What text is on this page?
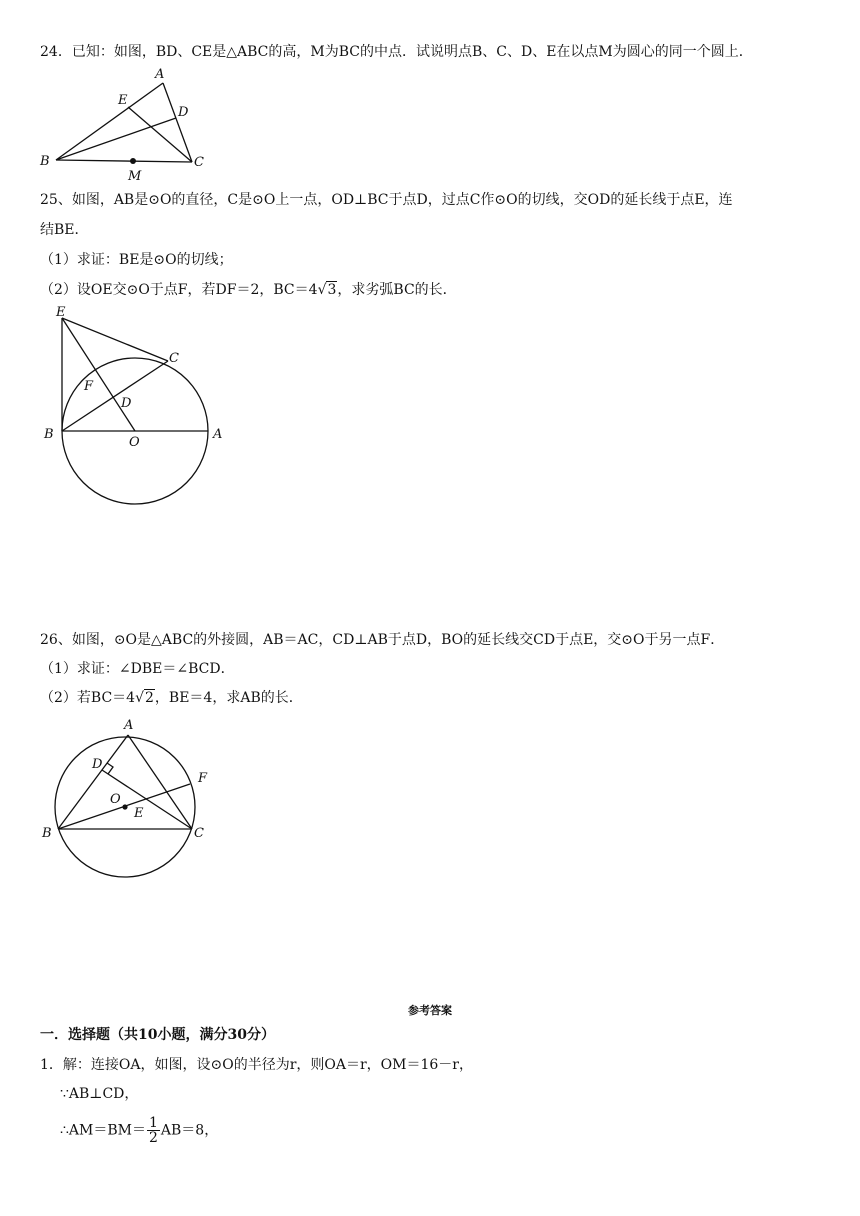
24．已知：如图，BD、CE是△ABC的高，M为BC的中点．试说明点B、C、D、E在以点M为圆心的同一个圆上．
B	C
A
D
E
M
25、如图，AB是⊙O的直径，C是⊙O上一点，OD⊥BC于点D，过点C作⊙O的切线，交OD的延长线于点E，连
结BE．
（1）求证：BE是⊙O的切线；
（2）设OE交⊙O于点F，若DF＝2，BC＝4√3，求劣弧BC的长．
E
C
F
D
B
O
A
26、如图，⊙O是△ABC的外接圆，AB＝AC，CD⊥AB于点D，BO的延长线交CD于点E，交⊙O于另一点F．
（1）求证：∠DBE＝∠BCD．
（2）若BC＝4√2，BE＝4，求AB的长．
A
D
F
O
E
B	C
参考答案
一．选择题（共10小题，满分30分）
1．解：连接OA，如图，设⊙O的半径为r，则OA＝r，OM＝16－r，
∵AB⊥CD，
∴AM＝BM＝ $\frac{1}{2} AB=8$，
